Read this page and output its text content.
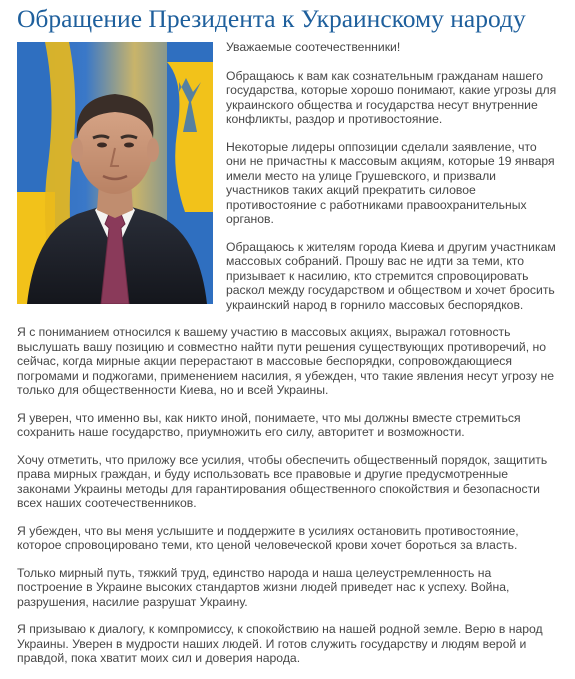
Обращение Президента к Украинскому народу

Уважаемые соотечественники!

Обращаюсь к вам как сознательным гражданам нашего государства, которые хорошо понимают, какие угрозы для украинского общества и государства несут внутренние конфликты, раздор и противостояние.

Некоторые лидеры оппозиции сделали заявление, что они не причастны к массовым акциям, которые 19 января имели место на улице Грушевского, и призвали участников таких акций прекратить силовое противостояние с работниками правоохранительных органов.

Обращаюсь к жителям города Киева и другим участникам массовых собраний. Прошу вас не идти за теми, кто призывает к насилию, кто стремится спровоцировать раскол между государством и обществом и хочет бросить украинский народ в горнило массовых беспорядков.

Я с пониманием относился к вашему участию в массовых акциях, выражал готовность выслушать вашу позицию и совместно найти пути решения существующих противоречий, но сейчас, когда мирные акции перерастают в массовые беспорядки, сопровождающиеся погромами и поджогами, применением насилия, я убежден, что такие явления несут угрозу не только для общественности Киева, но и всей Украины.

Я уверен, что именно вы, как никто иной, понимаете, что мы должны вместе стремиться сохранить наше государство, приумножить его силу, авторитет и возможности.

Хочу отметить, что приложу все усилия, чтобы обеспечить общественный порядок, защитить права мирных граждан, и буду использовать все правовые и другие предусмотренные законами Украины методы для гарантирования общественного спокойствия и безопасности всех наших соотечественников.

Я убежден, что вы меня услышите и поддержите в усилиях остановить противостояние, которое спровоцировано теми, кто ценой человеческой крови хочет бороться за власть.

Только мирный путь, тяжкий труд, единство народа и наша целеустремленность на построение в Украине высоких стандартов жизни людей приведет нас к успеху. Война, разрушения, насилие разрушат Украину.

Я призываю к диалогу, к компромиссу, к спокойствию на нашей родной земле. Верю в народ Украины. Уверен в мудрости наших людей. И готов служить государству и людям верой и правдой, пока хватит моих сил и доверия народа.
